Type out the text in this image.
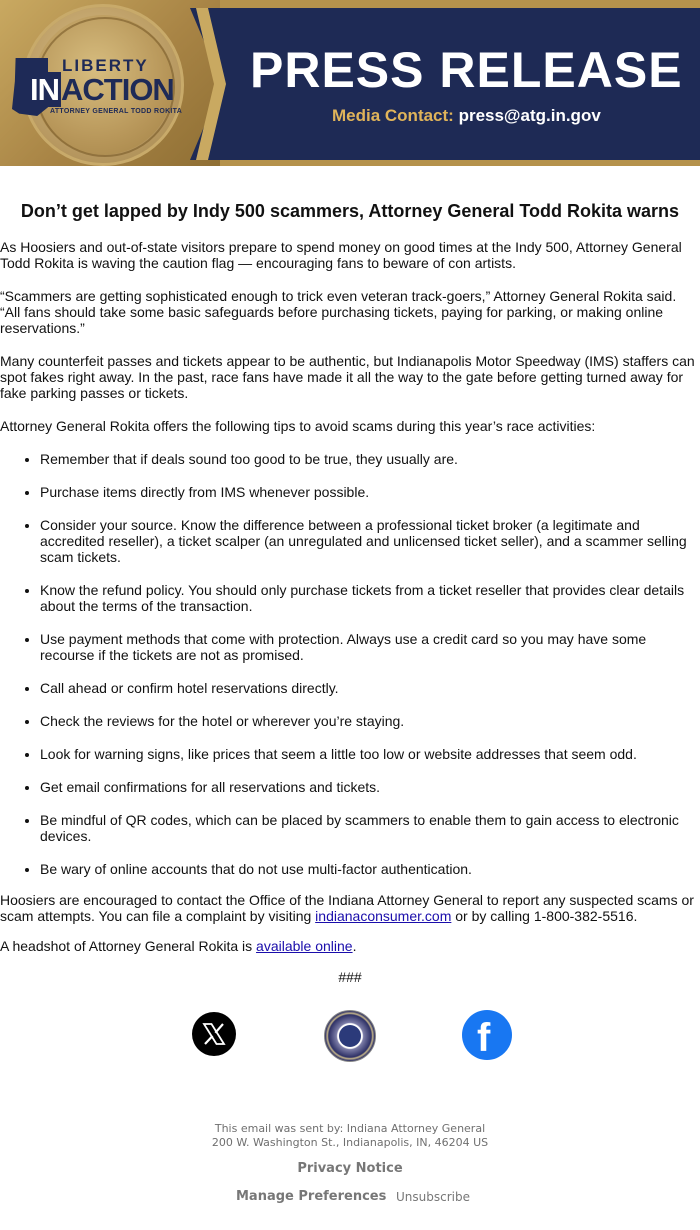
LIBERTY
INACTION
ATTORNEY GENERAL TODD ROKITA
PRESS RELEASE
Media Contact: press@atg.in.gov
Don’t get lapped by Indy 500 scammers, Attorney General Todd Rokita warns

As Hoosiers and out-of-state visitors prepare to spend money on good times at the Indy 500, Attorney General Todd Rokita is waving the caution flag — encouraging fans to beware of con artists.

“Scammers are getting sophisticated enough to trick even veteran track-goers,” Attorney General Rokita said. “All fans should take some basic safeguards before purchasing tickets, paying for parking, or making online reservations.”

Many counterfeit passes and tickets appear to be authentic, but Indianapolis Motor Speedway (IMS) staffers can spot fakes right away. In the past, race fans have made it all the way to the gate before getting turned away for fake parking passes or tickets.

Attorney General Rokita offers the following tips to avoid scams during this year’s race activities:

• Remember that if deals sound too good to be true, they usually are.
• Purchase items directly from IMS whenever possible.
• Consider your source. Know the difference between a professional ticket broker (a legitimate and accredited reseller), a ticket scalper (an unregulated and unlicensed ticket seller), and a scammer selling scam tickets.
• Know the refund policy. You should only purchase tickets from a ticket reseller that provides clear details about the terms of the transaction.
• Use payment methods that come with protection. Always use a credit card so you may have some recourse if the tickets are not as promised.
• Call ahead or confirm hotel reservations directly.
• Check the reviews for the hotel or wherever you’re staying.
• Look for warning signs, like prices that seem a little too low or website addresses that seem odd.
• Get email confirmations for all reservations and tickets.
• Be mindful of QR codes, which can be placed by scammers to enable them to gain access to electronic devices.
• Be wary of online accounts that do not use multi-factor authentication.

Hoosiers are encouraged to contact the Office of the Indiana Attorney General to report any suspected scams or scam attempts. You can file a complaint by visiting indianaconsumer.com or by calling 1-800-382-5516.

A headshot of Attorney General Rokita is available online.

###
f
This email was sent by: Indiana Attorney General
200 W. Washington St., Indianapolis, IN, 46204 US
Privacy Notice
Manage Preferences Unsubscribe
